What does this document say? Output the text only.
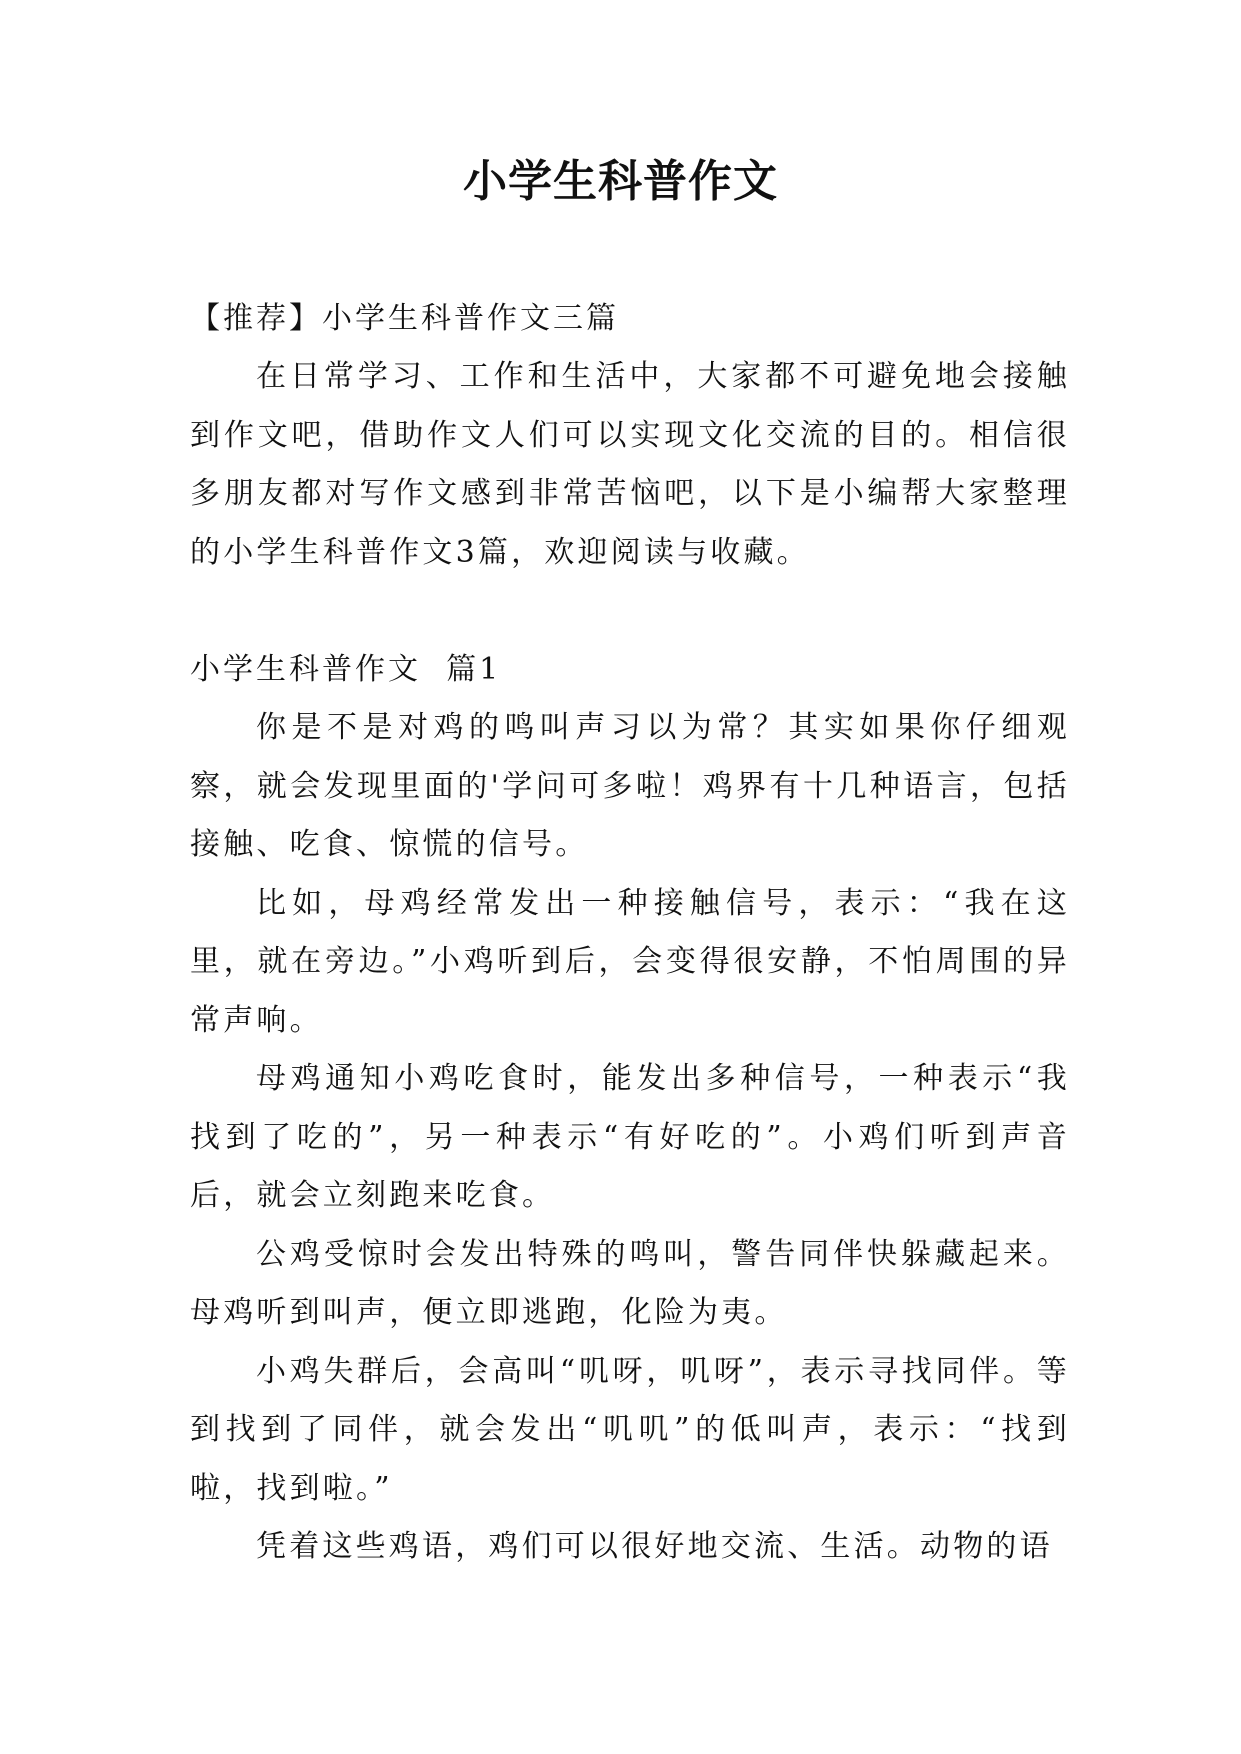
小学生科普作文

【推荐】小学生科普作文三篇

在日常学习、工作和生活中，大家都不可避免地会接触到作文吧，借助作文人们可以实现文化交流的目的。相信很多朋友都对写作文感到非常苦恼吧，以下是小编帮大家整理的小学生科普作文3篇，欢迎阅读与收藏。

小学生科普作文  篇1

你是不是对鸡的鸣叫声习以为常？其实如果你仔细观察，就会发现里面的'学问可多啦！鸡界有十几种语言，包括接触、吃食、惊慌的信号。

比如，母鸡经常发出一种接触信号，表示：“我在这里，就在旁边。”小鸡听到后，会变得很安静，不怕周围的异常声响。

母鸡通知小鸡吃食时，能发出多种信号，一种表示“我找到了吃的”，另一种表示“有好吃的”。小鸡们听到声音后，就会立刻跑来吃食。

公鸡受惊时会发出特殊的鸣叫，警告同伴快躲藏起来。母鸡听到叫声，便立即逃跑，化险为夷。

小鸡失群后，会高叫“叽呀，叽呀”，表示寻找同伴。等到找到了同伴，就会发出“叽叽”的低叫声，表示：“找到啦，找到啦。”

凭着这些鸡语，鸡们可以很好地交流、生活。动物的语
